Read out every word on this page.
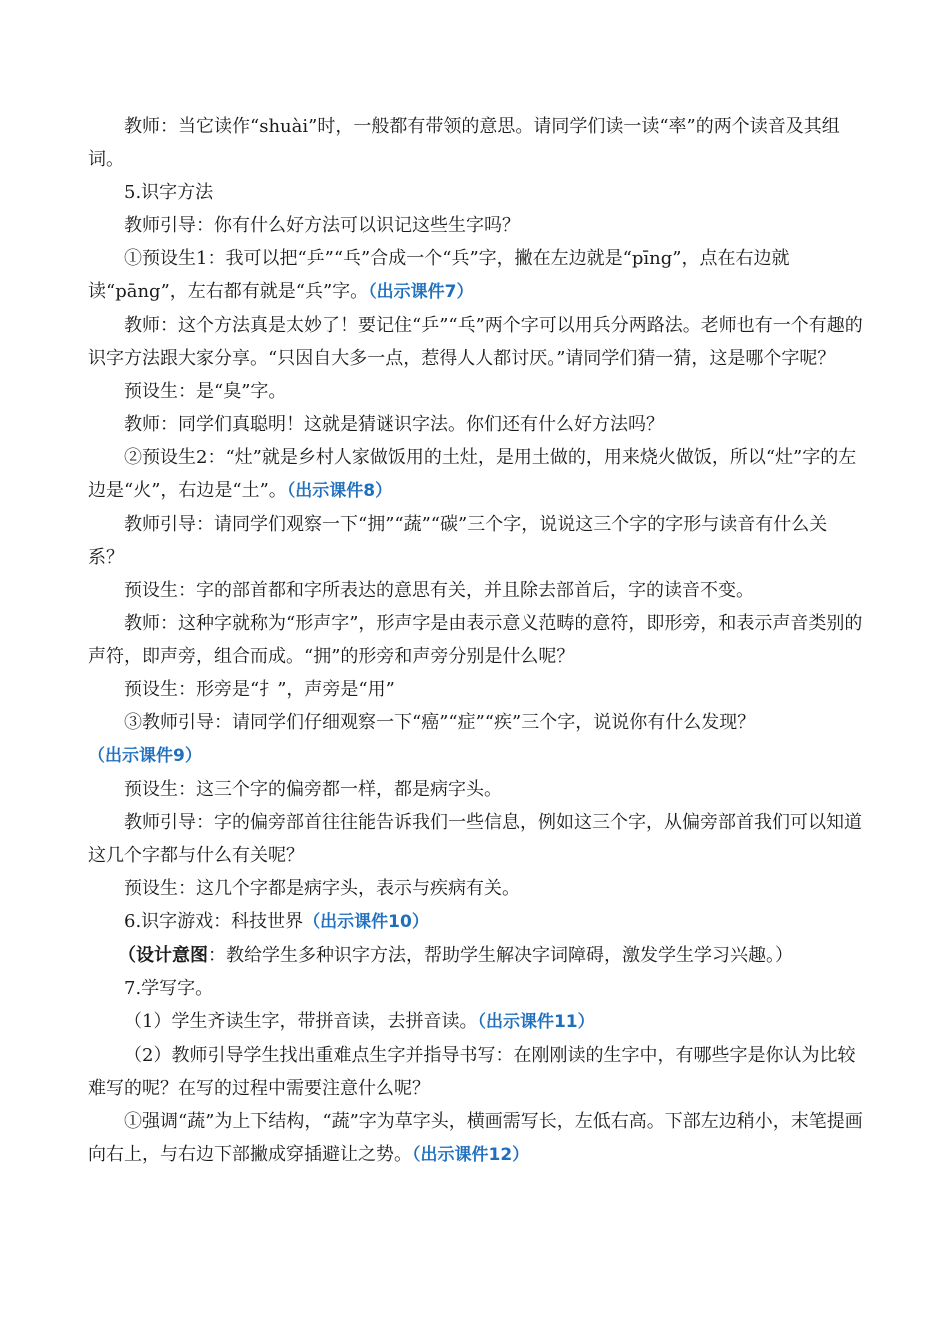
教师：当它读作“shuài”时，一般都有带领的意思。请同学们读一读“率”的两个读音及其组词。

5.识字方法

教师引导：你有什么好方法可以识记这些生字吗？

①预设生1：我可以把“乒”“乓”合成一个“兵”字，撇在左边就是“pīng”，点在右边就读“pāng”，左右都有就是“兵”字。（出示课件7）

教师：这个方法真是太妙了！要记住“乒”“乓”两个字可以用兵分两路法。老师也有一个有趣的识字方法跟大家分享。“只因自大多一点，惹得人人都讨厌。”请同学们猜一猜，这是哪个字呢？

预设生：是“臭”字。

教师：同学们真聪明！这就是猜谜识字法。你们还有什么好方法吗？

②预设生2：“灶”就是乡村人家做饭用的土灶，是用土做的，用来烧火做饭，所以“灶”字的左边是“火”，右边是“土”。（出示课件8）

教师引导：请同学们观察一下“拥”“蔬”“碳”三个字，说说这三个字的字形与读音有什么关系？

预设生：字的部首都和字所表达的意思有关，并且除去部首后，字的读音不变。

教师：这种字就称为“形声字”，形声字是由表示意义范畴的意符，即形旁，和表示声音类别的声符，即声旁，组合而成。“拥”的形旁和声旁分别是什么呢？

预设生：形旁是“扌”，声旁是“用”

③教师引导：请同学们仔细观察一下“癌”“症”“疾”三个字，说说你有什么发现？（出示课件9）

预设生：这三个字的偏旁都一样，都是病字头。

教师引导：字的偏旁部首往往能告诉我们一些信息，例如这三个字，从偏旁部首我们可以知道这几个字都与什么有关呢？

预设生：这几个字都是病字头，表示与疾病有关。

6.识字游戏：科技世界（出示课件10）

（设计意图：教给学生多种识字方法，帮助学生解决字词障碍，激发学生学习兴趣。）

7.学写字。

（1）学生齐读生字，带拼音读，去拼音读。（出示课件11）

（2）教师引导学生找出重难点生字并指导书写：在刚刚读的生字中，有哪些字是你认为比较难写的呢？在写的过程中需要注意什么呢？

①强调“蔬”为上下结构，“蔬”字为草字头，横画需写长，左低右高。下部左边稍小，末笔提画向右上，与右边下部撇成穿插避让之势。（出示课件12）
